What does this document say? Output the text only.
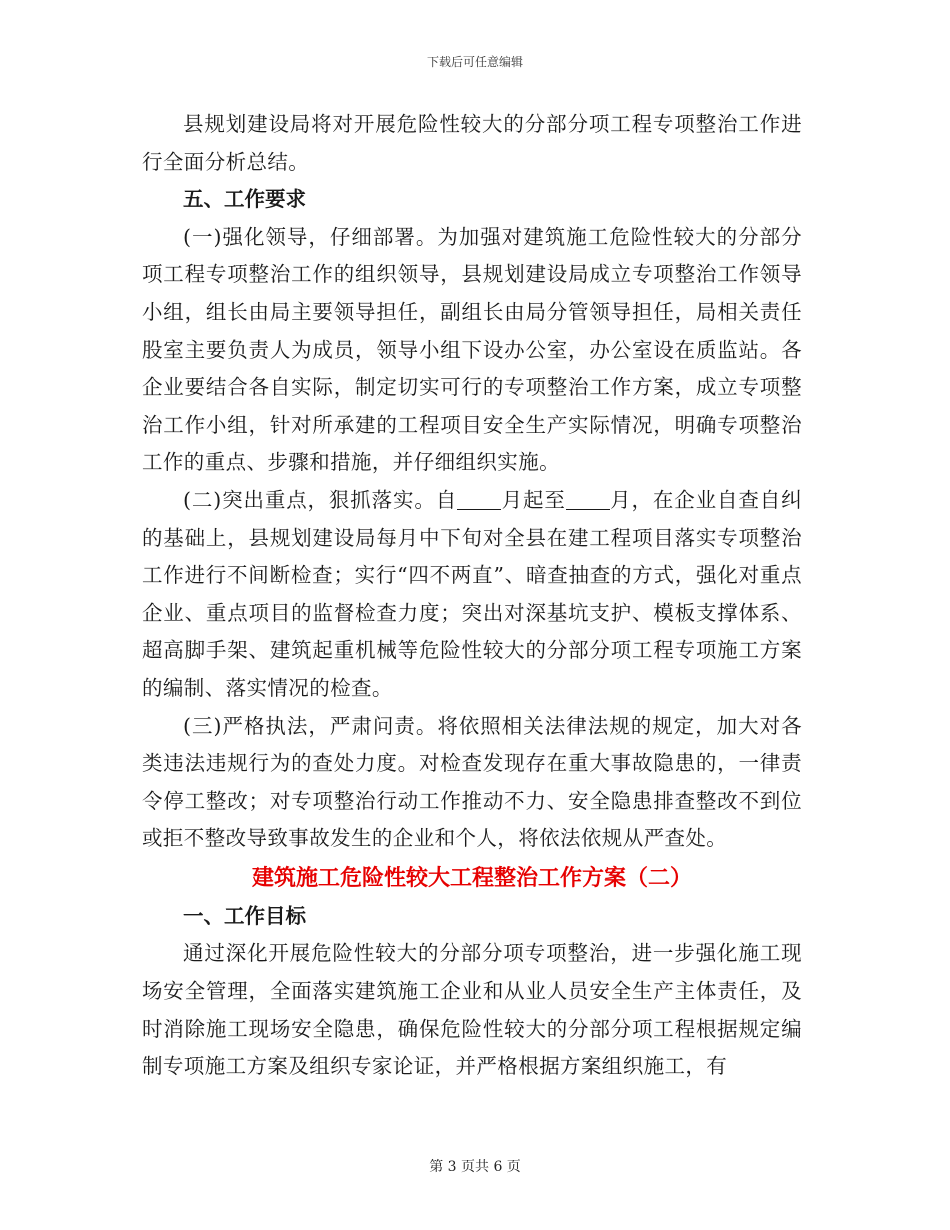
下载后可任意编辑

县规划建设局将对开展危险性较大的分部分项工程专项整治工作进行全面分析总结。

五、工作要求

(一)强化领导，仔细部署。为加强对建筑施工危险性较大的分部分项工程专项整治工作的组织领导，县规划建设局成立专项整治工作领导小组，组长由局主要领导担任，副组长由局分管领导担任，局相关责任股室主要负责人为成员，领导小组下设办公室，办公室设在质监站。各企业要结合各自实际，制定切实可行的专项整治工作方案，成立专项整治工作小组，针对所承建的工程项目安全生产实际情况，明确专项整治工作的重点、步骤和措施，并仔细组织实施。

(二)突出重点，狠抓落实。自 月起至 月，在企业自查自纠的基础上，县规划建设局每月中下旬对全县在建工程项目落实专项整治工作进行不间断检查；实行“四不两直”、暗查抽查的方式，强化对重点企业、重点项目的监督检查力度；突出对深基坑支护、模板支撑体系、超高脚手架、建筑起重机械等危险性较大的分部分项工程专项施工方案的编制、落实情况的检查。

(三)严格执法，严肃问责。将依照相关法律法规的规定，加大对各类违法违规行为的查处力度。对检查发现存在重大事故隐患的，一律责令停工整改；对专项整治行动工作推动不力、安全隐患排查整改不到位或拒不整改导致事故发生的企业和个人，将依法依规从严查处。

建筑施工危险性较大工程整治工作方案（二）

一、工作目标

通过深化开展危险性较大的分部分项专项整治，进一步强化施工现场安全管理，全面落实建筑施工企业和从业人员安全生产主体责任，及时消除施工现场安全隐患，确保危险性较大的分部分项工程根据规定编制专项施工方案及组织专家论证，并严格根据方案组织施工，有

第 3 页共 6 页
